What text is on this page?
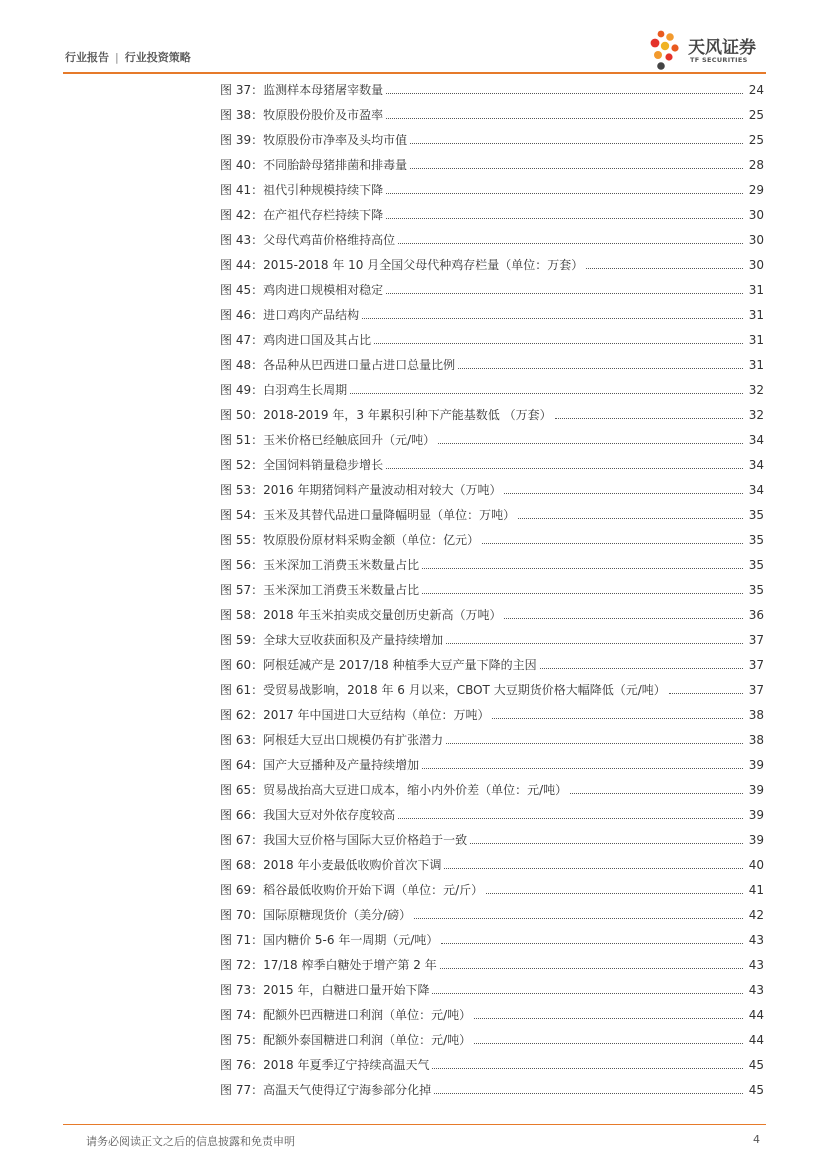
行业报告 | 行业投资策略	天风证券
TF SECURITIES
图 37： 监测样本母猪屠宰数量	24
图 38： 牧原股份股价及市盈率	25
图 39： 牧原股份市净率及头均市值	25
图 40： 不同胎龄母猪排菌和排毒量	28
图 41： 祖代引种规模持续下降	29
图 42： 在产祖代存栏持续下降	30
图 43： 父母代鸡苗价格维持高位	30
图 44： 2015-2018 年 10 月全国父母代种鸡存栏量（单位：万套）	30
图 45： 鸡肉进口规模相对稳定	31
图 46： 进口鸡肉产品结构	31
图 47： 鸡肉进口国及其占比	31
图 48： 各品种从巴西进口量占进口总量比例	31
图 49： 白羽鸡生长周期	32
图 50： 2018-2019 年，3 年累积引种下产能基数低 （万套）	32
图 51： 玉米价格已经触底回升（元/吨）	34
图 52： 全国饲料销量稳步增长	34
图 53： 2016 年期猪饲料产量波动相对较大（万吨）	34
图 54： 玉米及其替代品进口量降幅明显（单位：万吨）	35
图 55： 牧原股份原材料采购金额（单位：亿元）	35
图 56： 玉米深加工消费玉米数量占比	35
图 57： 玉米深加工消费玉米数量占比	35
图 58： 2018 年玉米拍卖成交量创历史新高（万吨）	36
图 59： 全球大豆收获面积及产量持续增加	37
图 60： 阿根廷减产是 2017/18 种植季大豆产量下降的主因	37
图 61： 受贸易战影响，2018 年 6 月以来，CBOT 大豆期货价格大幅降低（元/吨）	37
图 62： 2017 年中国进口大豆结构（单位：万吨）	38
图 63： 阿根廷大豆出口规模仍有扩张潜力	38
图 64： 国产大豆播种及产量持续增加	39
图 65： 贸易战抬高大豆进口成本，缩小内外价差（单位：元/吨）	39
图 66： 我国大豆对外依存度较高	39
图 67： 我国大豆价格与国际大豆价格趋于一致	39
图 68： 2018 年小麦最低收购价首次下调	40
图 69： 稻谷最低收购价开始下调（单位：元/斤）	41
图 70： 国际原糖现货价（美分/磅）	42
图 71： 国内糖价 5-6 年一周期（元/吨）	43
图 72： 17/18 榨季白糖处于增产第 2 年	43
图 73： 2015 年，白糖进口量开始下降	43
图 74： 配额外巴西糖进口利润（单位：元/吨）	44
图 75： 配额外泰国糖进口利润（单位：元/吨）	44
图 76： 2018 年夏季辽宁持续高温天气	45
图 77： 高温天气使得辽宁海参部分化掉	45
请务必阅读正文之后的信息披露和免责申明	4
